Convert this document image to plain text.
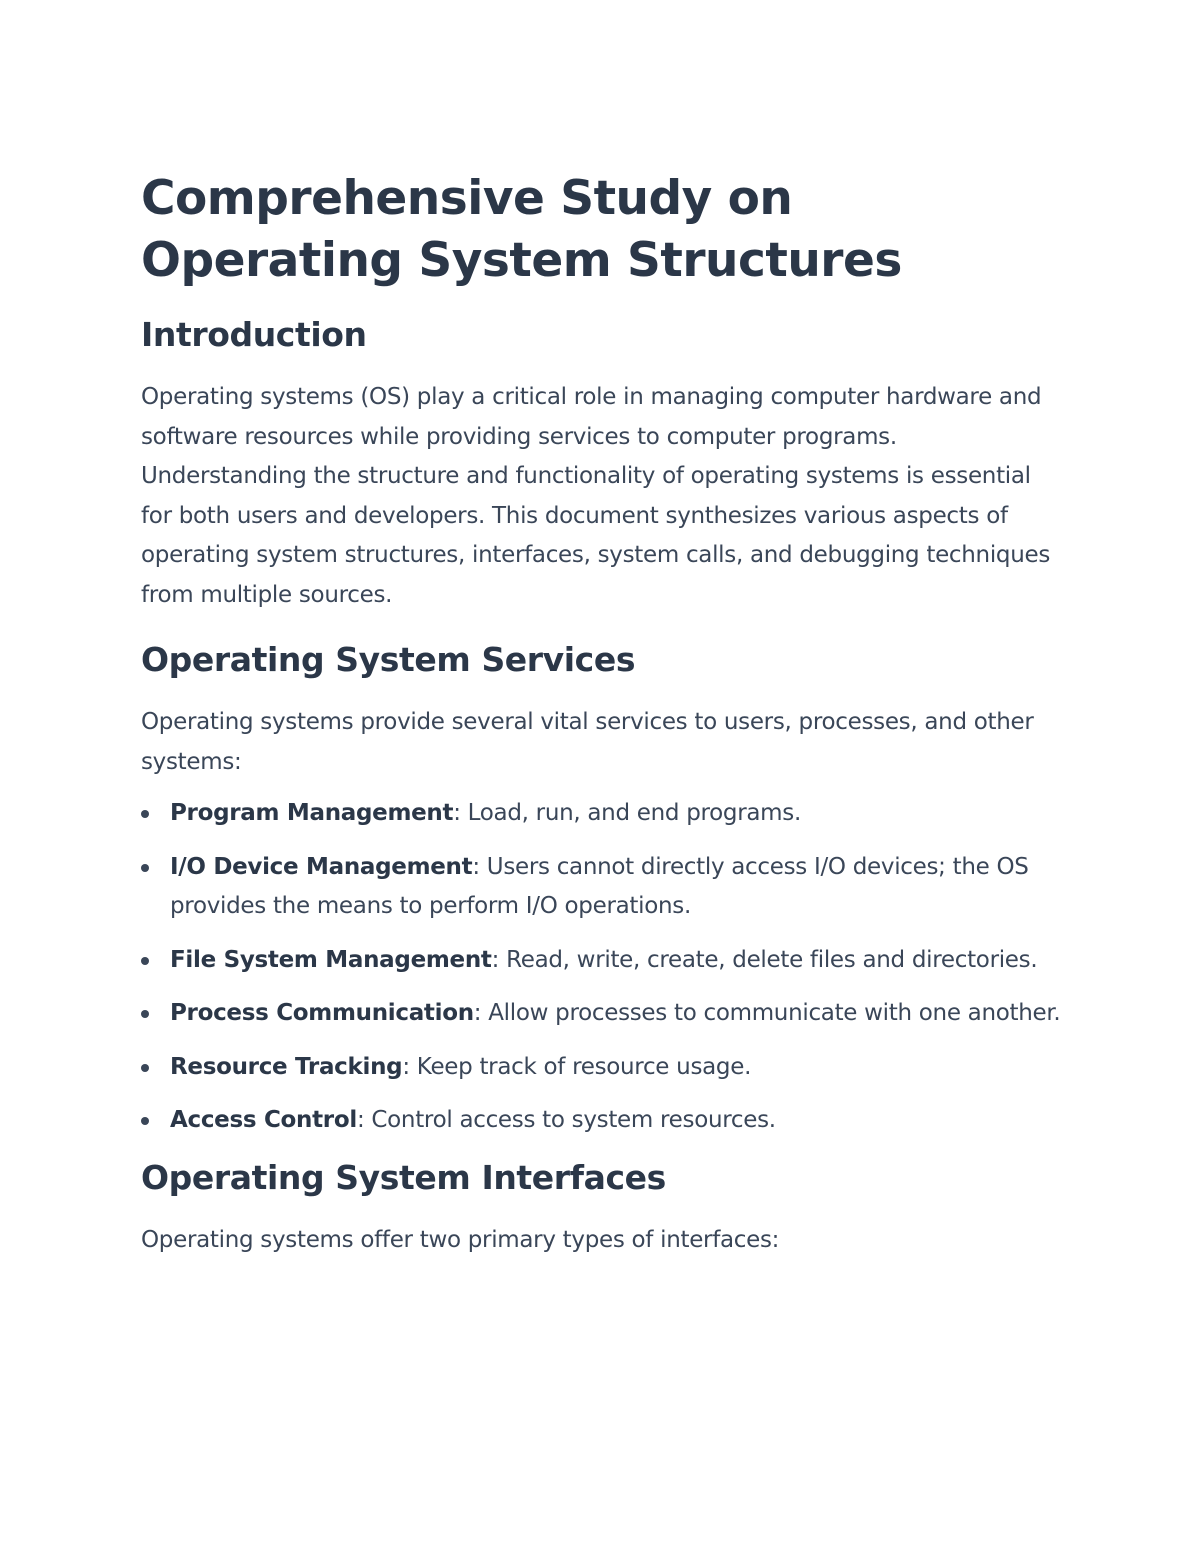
Comprehensive Study on Operating System Structures
Introduction

Operating systems (OS) play a critical role in managing computer hardware and software resources while providing services to computer programs. Understanding the structure and functionality of operating systems is essential for both users and developers. This document synthesizes various aspects of operating system structures, interfaces, system calls, and debugging techniques from multiple sources.

Operating System Services

Operating systems provide several vital services to users, processes, and other systems:

Program Management: Load, run, and end programs.
I/O Device Management: Users cannot directly access I/O devices; the OS provides the means to perform I/O operations.
File System Management: Read, write, create, delete files and directories.
Process Communication: Allow processes to communicate with one another.
Resource Tracking: Keep track of resource usage.
Access Control: Control access to system resources.
Operating System Interfaces

Operating systems offer two primary types of interfaces:
